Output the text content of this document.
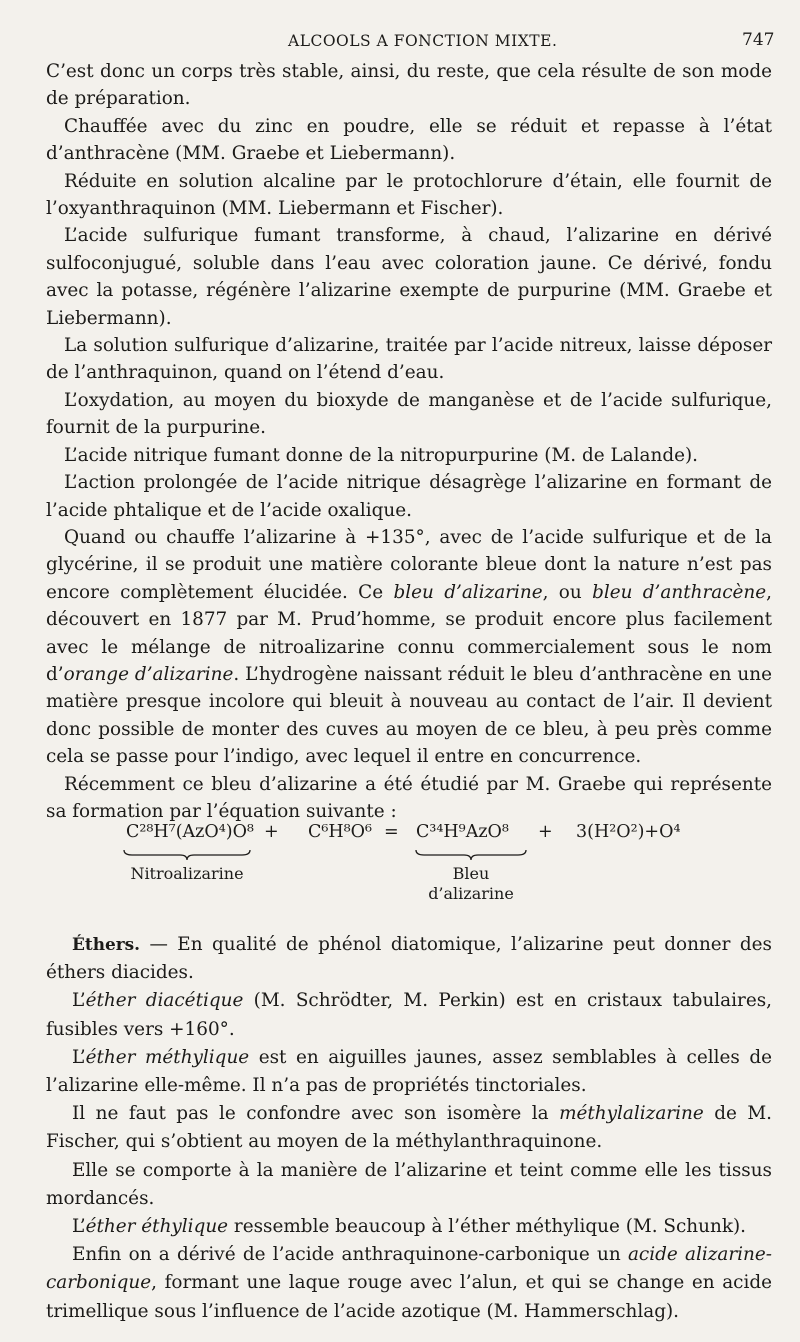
ALCOOLS A FONCTION MIXTE.	747

C’est donc un corps très stable, ainsi, du reste, que cela résulte de son mode de préparation.

Chauffée avec du zinc en poudre, elle se réduit et repasse à l’état d’anthracène (MM. Graebe et Liebermann).

Réduite en solution alcaline par le protochlorure d’étain, elle fournit de l’oxyanthraquinon (MM. Liebermann et Fischer).

L’acide sulfurique fumant transforme, à chaud, l’alizarine en dérivé sulfoconjugué, soluble dans l’eau avec coloration jaune. Ce dérivé, fondu avec la potasse, régénère l’alizarine exempte de purpurine (MM. Graebe et Liebermann).

La solution sulfurique d’alizarine, traitée par l’acide nitreux, laisse déposer de l’anthraquinon, quand on l’étend d’eau.

L’oxydation, au moyen du bioxyde de manganèse et de l’acide sulfurique, fournit de la purpurine.

L’acide nitrique fumant donne de la nitropurpurine (M. de Lalande).

L’action prolongée de l’acide nitrique désagrège l’alizarine en formant de l’acide phtalique et de l’acide oxalique.

Quand ou chauffe l’alizarine à +135°, avec de l’acide sulfurique et de la glycérine, il se produit une matière colorante bleue dont la nature n’est pas encore complètement élucidée. Ce bleu d’alizarine, ou bleu d’anthracène, découvert en 1877 par M. Prud’homme, se produit encore plus facilement avec le mélange de nitroalizarine connu commercialement sous le nom d’orange d’alizarine. L’hydrogène naissant réduit le bleu d’anthracène en une matière presque incolore qui bleuit à nouveau au contact de l’air. Il devient donc possible de monter des cuves au moyen de ce bleu, à peu près comme cela se passe pour l’indigo, avec lequel il entre en concurrence.

Récemment ce bleu d’alizarine a été étudié par M. Graebe qui représente sa formation par l’équation suivante :

C²⁸H⁷(AzO⁴)O⁸ + C⁶H⁸O⁶ = C³⁴H⁹AzO⁸ + 3(H²O²)+O⁴
Nitroalizarine	Bleu
d’alizarine

Éthers. — En qualité de phénol diatomique, l’alizarine peut donner des éthers diacides.

L’éther diacétique (M. Schrödter, M. Perkin) est en cristaux tabulaires, fusibles vers +160°.

L’éther méthylique est en aiguilles jaunes, assez semblables à celles de l’alizarine elle-même. Il n’a pas de propriétés tinctoriales.

Il ne faut pas le confondre avec son isomère la méthylalizarine de M. Fischer, qui s’obtient au moyen de la méthylanthraquinone.

Elle se comporte à la manière de l’alizarine et teint comme elle les tissus mordancés.

L’éther éthylique ressemble beaucoup à l’éther méthylique (M. Schunk).

Enfin on a dérivé de l’acide anthraquinone-carbonique un acide alizarine-carbonique, formant une laque rouge avec l’alun, et qui se change en acide trimellique sous l’influence de l’acide azotique (M. Hammerschlag).
